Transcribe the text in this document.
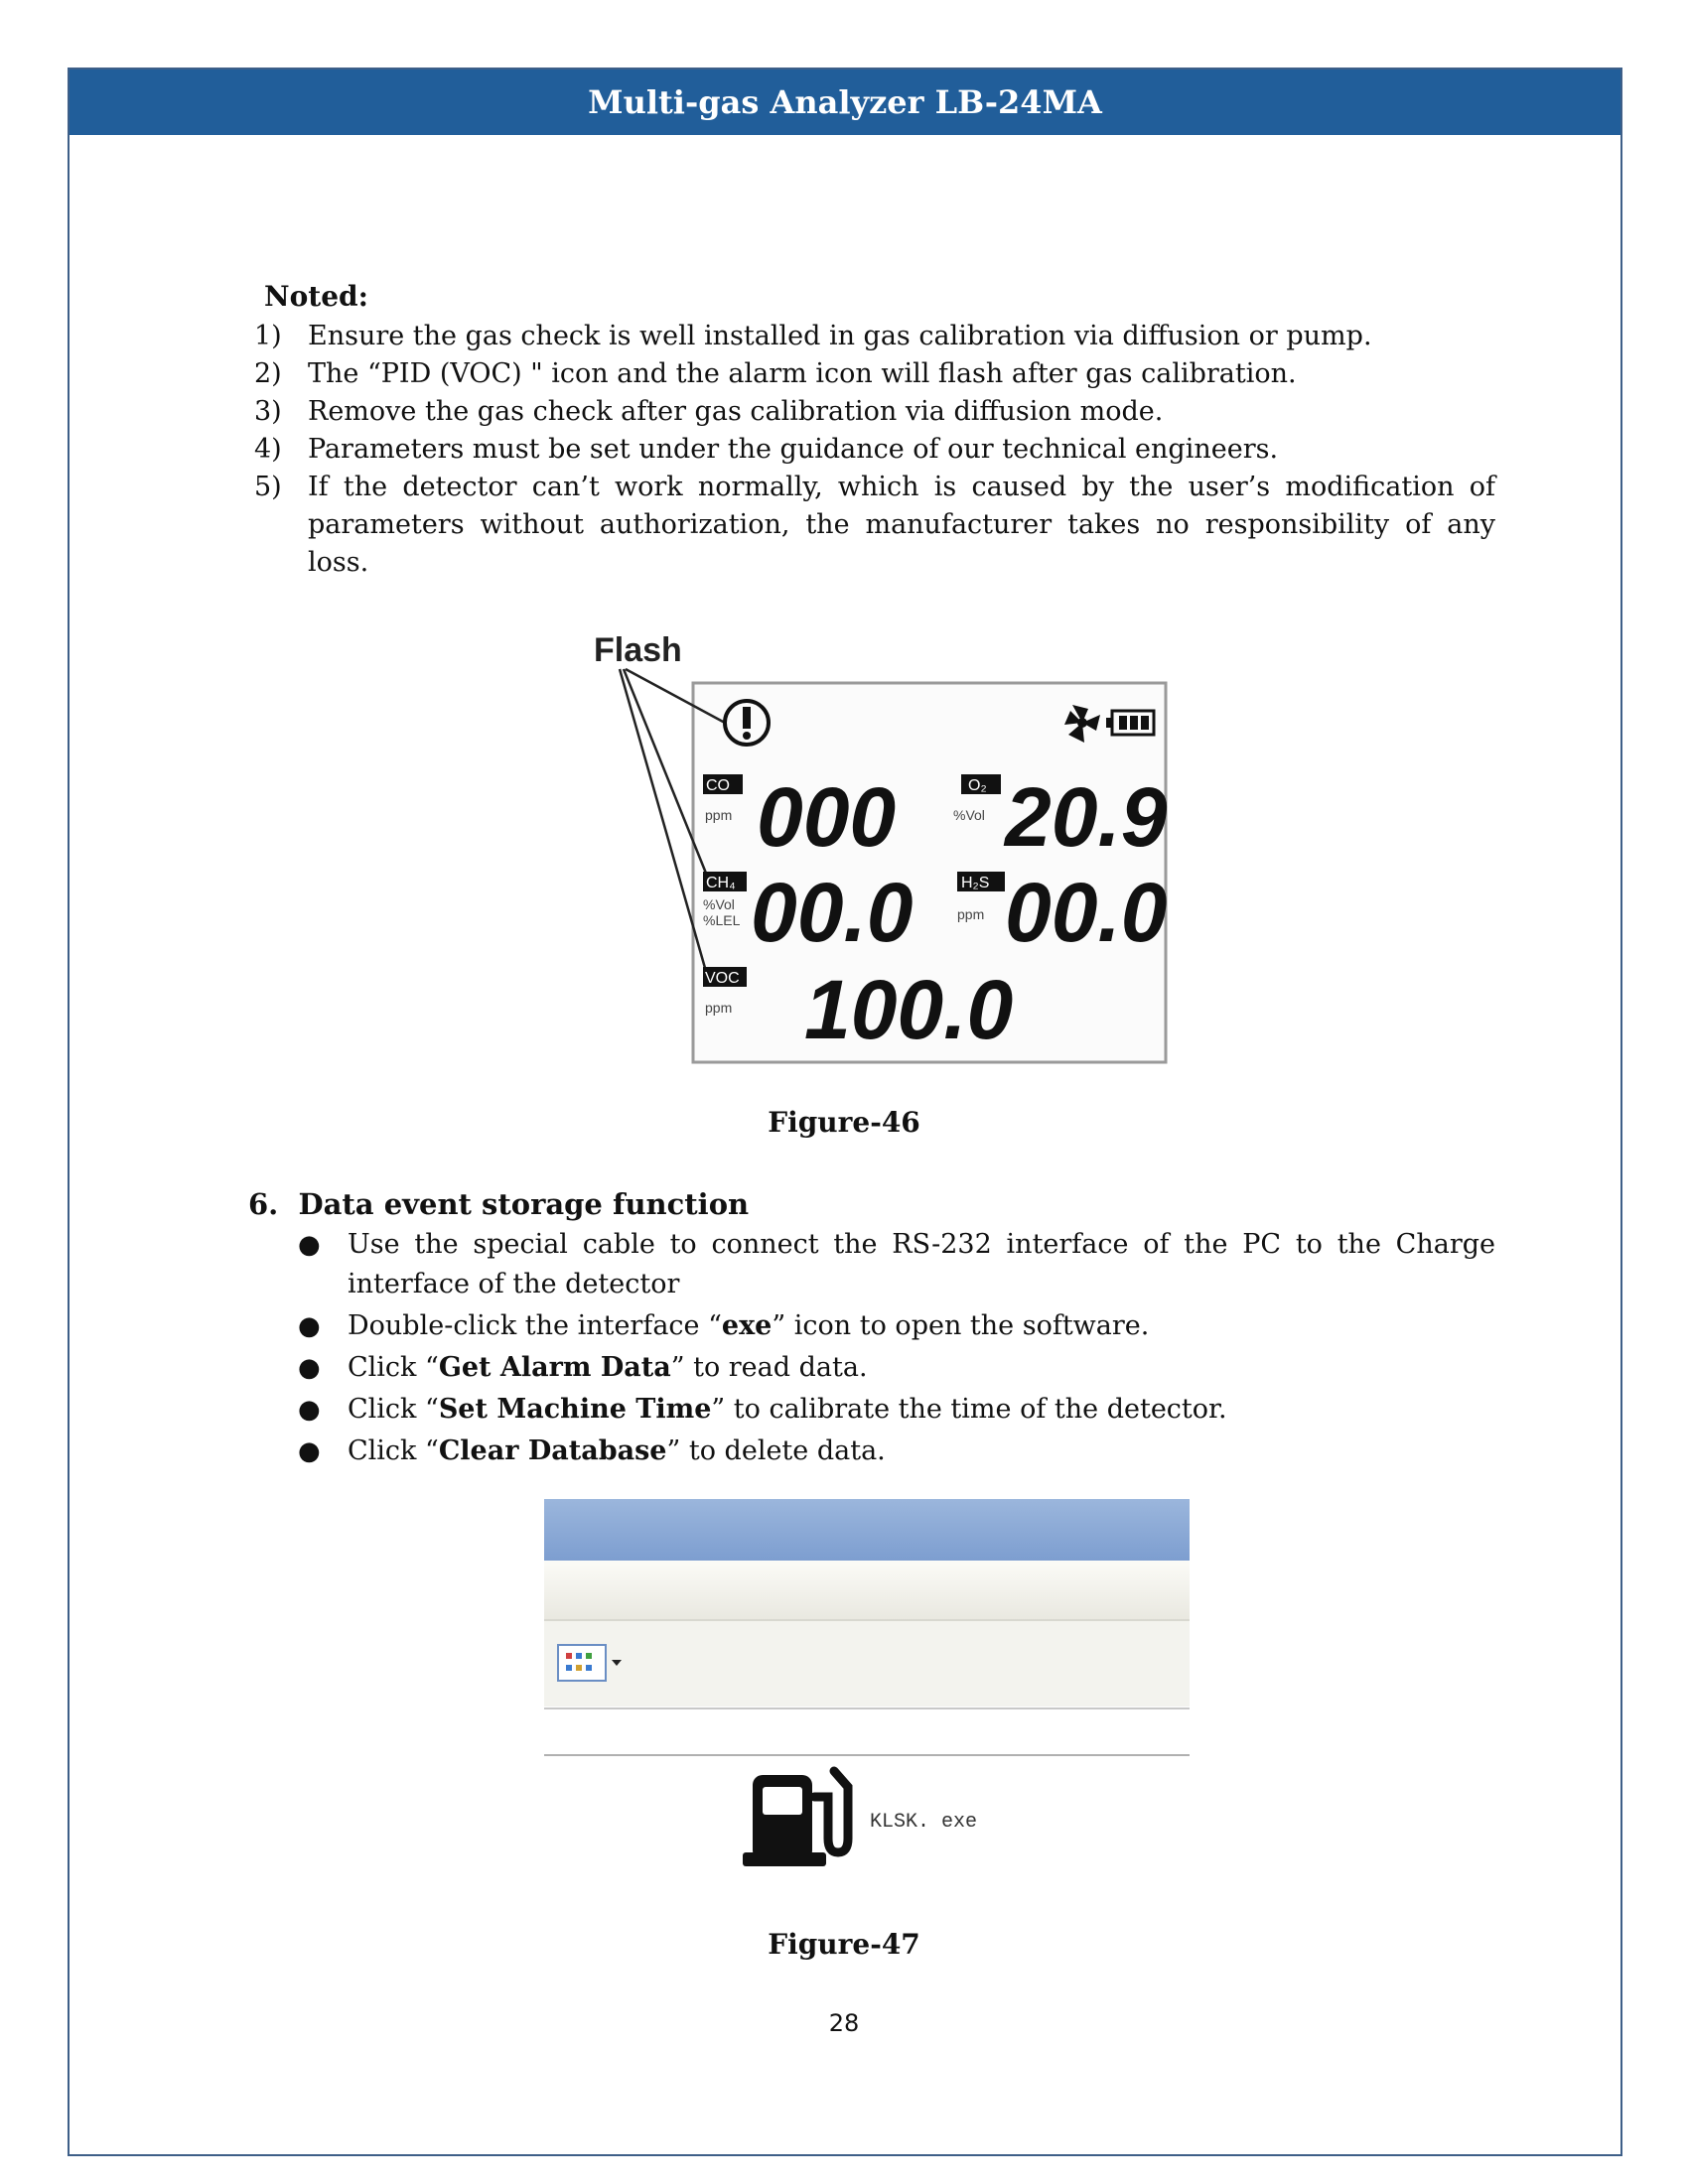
Multi-gas Analyzer LB-24MA
Noted:
1) Ensure the gas check is well installed in gas calibration via diffusion or pump.
2) The “PID (VOC) " icon and the alarm icon will flash after gas calibration.
3) Remove the gas check after gas calibration via diffusion mode.
4) Parameters must be set under the guidance of our technical engineers.
5) If the detector can’t work normally, which is caused by the user’s modification of parameters without authorization, the manufacturer takes no responsibility of any loss.
Flash
CO
ppm 000	O₂
%Vol 20.9
CH₄
%Vol
%LEL 00.0	H₂S
ppm 00.0
VOC
ppm 100.0
Figure-46
6.  Data event storage function
● Use the special cable to connect the RS-232 interface of the PC to the Charge interface of the detector
● Double-click the interface “exe” icon to open the software.
● Click “Get Alarm Data” to read data.
● Click “Set Machine Time” to calibrate the time of the detector.
● Click “Clear Database” to delete data.
KLSK. exe
Figure-47
28
